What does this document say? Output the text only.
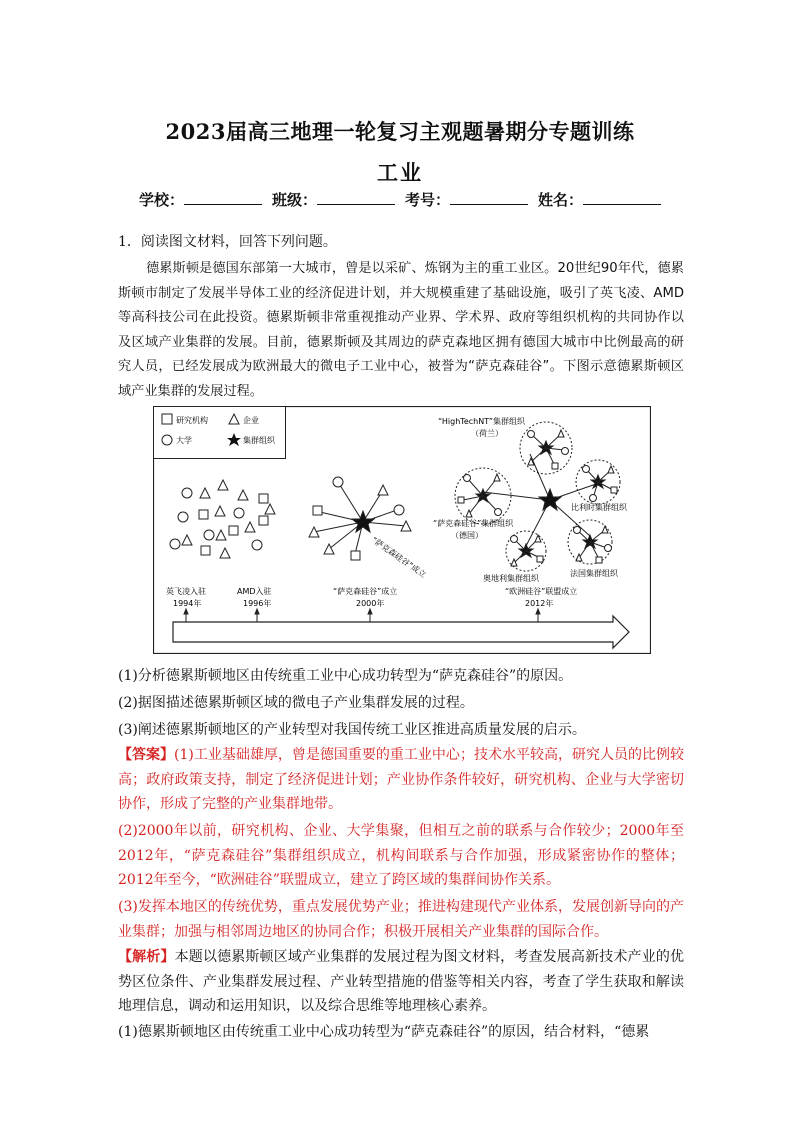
2023届高三地理一轮复习主观题暑期分专题训练
工业
学校：	班级：	考号：	姓名：
1．阅读图文材料，回答下列问题。
德累斯顿是德国东部第一大城市，曾是以采矿、炼钢为主的重工业区。20世纪90年代，德累斯顿市制定了发展半导体工业的经济促进计划，并大规模重建了基础设施，吸引了英飞凌、AMD等高科技公司在此投资。德累斯顿非常重视推动产业界、学术界、政府等组织机构的共同协作以及区域产业集群的发展。目前，德累斯顿及其周边的萨克森地区拥有德国大城市中比例最高的研究人员，已经发展成为欧洲最大的微电子工业中心，被誉为“萨克森硅谷”。下图示意德累斯顿区域产业集群的发展过程。
研究机构	企业
大学	集群组织
“萨克森硅谷”成立
“HighTechNT”集群组织
（荷兰）
“萨克森硅谷”集群组织
（德国）
比利时集群组织
奥地利集群组织
法国集群组织
英飞凌入驻
1994年
AMD入驻
1996年
“萨克森硅谷”成立
2000年
“欧洲硅谷”联盟成立
2012年
(1)分析德累斯顿地区由传统重工业中心成功转型为“萨克森硅谷”的原因。
(2)据图描述德累斯顿区域的微电子产业集群发展的过程。
(3)阐述德累斯顿地区的产业转型对我国传统工业区推进高质量发展的启示。
【答案】(1)工业基础雄厚，曾是德国重要的重工业中心；技术水平较高，研究人员的比例较高；政府政策支持，制定了经济促进计划；产业协作条件较好，研究机构、企业与大学密切协作，形成了完整的产业集群地带。
(2)2000年以前，研究机构、企业、大学集聚，但相互之前的联系与合作较少；2000年至2012年，“萨克森硅谷”集群组织成立，机构间联系与合作加强，形成紧密协作的整体；2012年至今，“欧洲硅谷”联盟成立，建立了跨区域的集群间协作关系。
(3)发挥本地区的传统优势，重点发展优势产业；推进构建现代产业体系，发展创新导向的产业集群；加强与相邻周边地区的协同合作；积极开展相关产业集群的国际合作。
【解析】本题以德累斯顿区域产业集群的发展过程为图文材料，考查发展高新技术产业的优势区位条件、产业集群发展过程、产业转型措施的借鉴等相关内容，考查了学生获取和解读地理信息，调动和运用知识，以及综合思维等地理核心素养。
(1)德累斯顿地区由传统重工业中心成功转型为“萨克森硅谷”的原因，结合材料，“德累
